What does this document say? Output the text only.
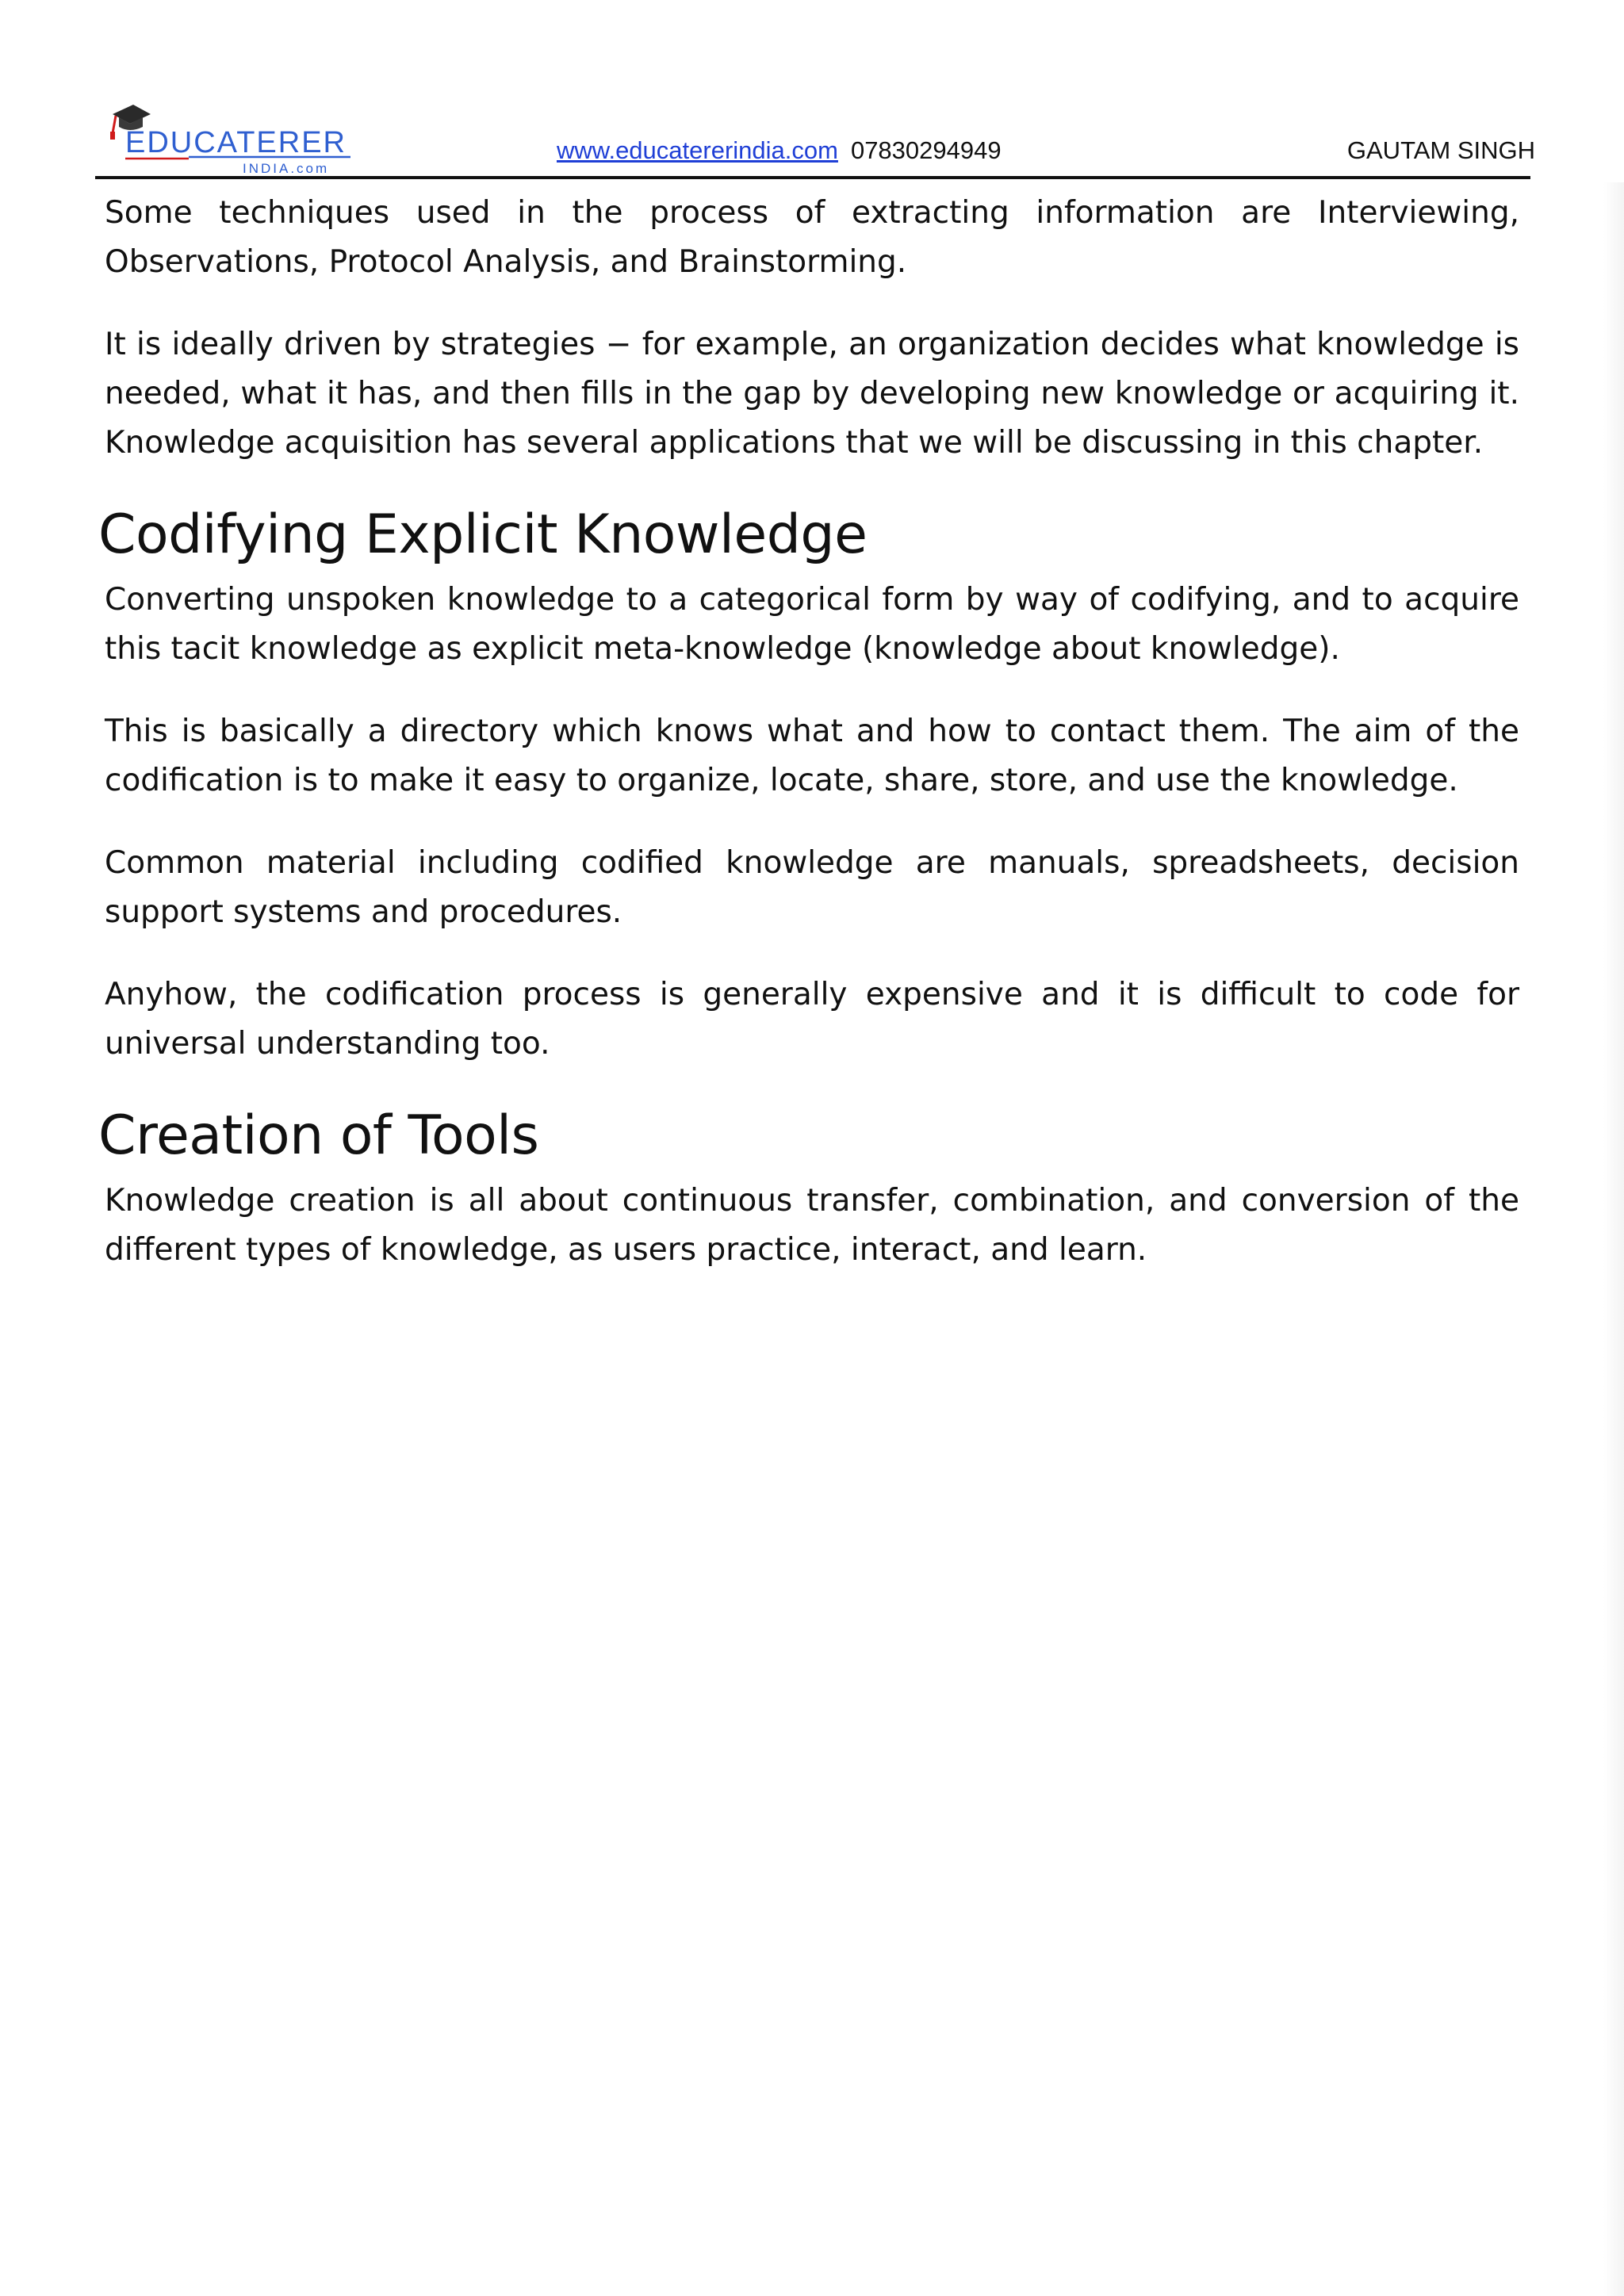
EDUCATERER
INDIA.com
www.educatererindia.com 07830294949	GAUTAM SINGH

Some techniques used in the process of extracting information are Interviewing, Observations, Protocol Analysis, and Brainstorming.

It is ideally driven by strategies − for example, an organization decides what knowledge is needed, what it has, and then fills in the gap by developing new knowledge or acquiring it. Knowledge acquisition has several applications that we will be discussing in this chapter.

Codifying Explicit Knowledge

Converting unspoken knowledge to a categorical form by way of codifying, and to acquire this tacit knowledge as explicit meta-knowledge (knowledge about knowledge).

This is basically a directory which knows what and how to contact them. The aim of the codification is to make it easy to organize, locate, share, store, and use the knowledge.

Common material including codified knowledge are manuals, spreadsheets, decision support systems and procedures.

Anyhow, the codification process is generally expensive and it is difficult to code for universal understanding too.

Creation of Tools

Knowledge creation is all about continuous transfer, combination, and conversion of the different types of knowledge, as users practice, interact, and learn.
